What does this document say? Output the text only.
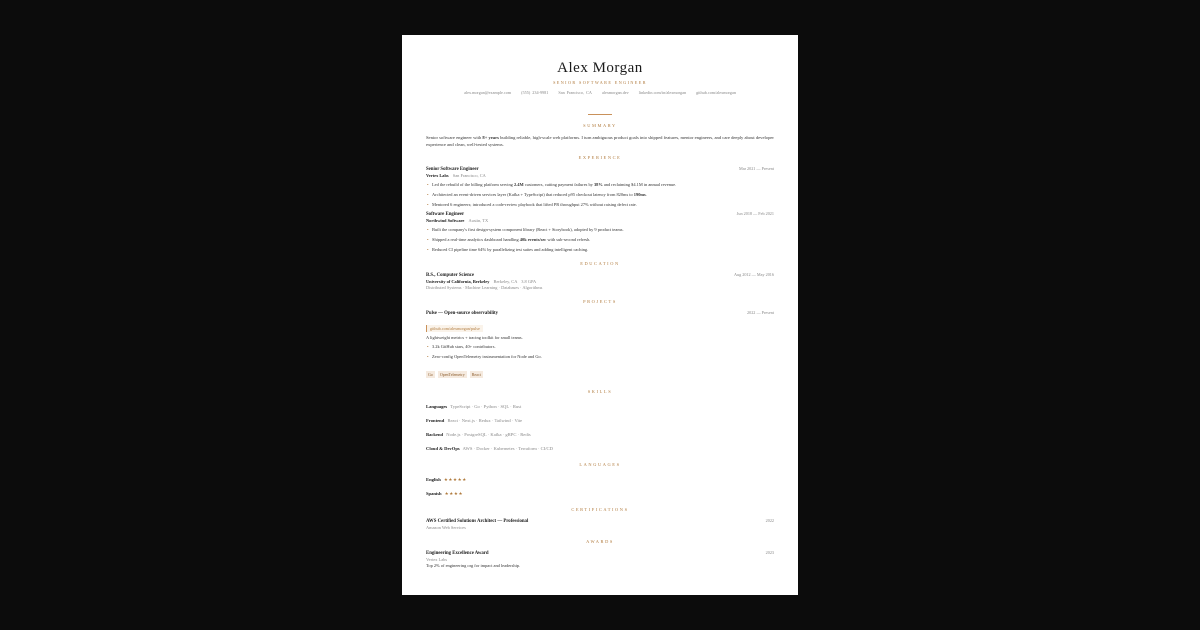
Alex Morgan
SENIOR SOFTWARE ENGINEER
alex.morgan@example.com (555) 234-9981 San Francisco, CA alexmorgan.dev linkedin.com/in/alexmorgan github.com/alexmorgan
SUMMARY
Senior software engineer with 8+ years building reliable, high-scale web platforms. I turn ambiguous product goals into shipped features, mentor engineers, and care deeply about developer experience and clean, well-tested systems.
EXPERIENCE
Senior Software Engineer	Mar 2021 — Present
Vertex Labs San Francisco, CA
• Led the rebuild of the billing platform serving 2.4M customers, cutting payment failures by 38% and reclaiming $4.1M in annual revenue.
• Architected an event-driven services layer (Kafka + TypeScript) that reduced p95 checkout latency from 820ms to 190ms.
• Mentored 6 engineers; introduced a code-review playbook that lifted PR throughput 27% without raising defect rate.
Software Engineer	Jun 2018 — Feb 2021
Northwind Software Austin, TX
• Built the company's first design-system component library (React + Storybook), adopted by 9 product teams.
• Shipped a real-time analytics dashboard handling 40k events/sec with sub-second refresh.
• Reduced CI pipeline time 64% by parallelizing test suites and adding intelligent caching.
EDUCATION
B.S., Computer Science	Aug 2012 — May 2016
University of California, Berkeley Berkeley, CA 3.8 GPA
Distributed Systems · Machine Learning · Databases · Algorithms
PROJECTS
Pulse — Open-source observability	2022 — Present
github.com/alexmorgan/pulse
A lightweight metrics + tracing toolkit for small teams.
• 3.2k GitHub stars, 40+ contributors.
• Zero-config OpenTelemetry instrumentation for Node and Go.
Go OpenTelemetry React
SKILLS
Languages TypeScript · Go · Python · SQL · Rust
Frontend React · Next.js · Redux · Tailwind · Vite
Backend Node.js · PostgreSQL · Kafka · gRPC · Redis
Cloud & DevOps AWS · Docker · Kubernetes · Terraform · CI/CD
LANGUAGES
English ★★★★★
Spanish ★★★★
CERTIFICATIONS
AWS Certified Solutions Architect — Professional	2022
Amazon Web Services
AWARDS
Engineering Excellence Award	2023
Vertex Labs
Top 2% of engineering org for impact and leadership.
